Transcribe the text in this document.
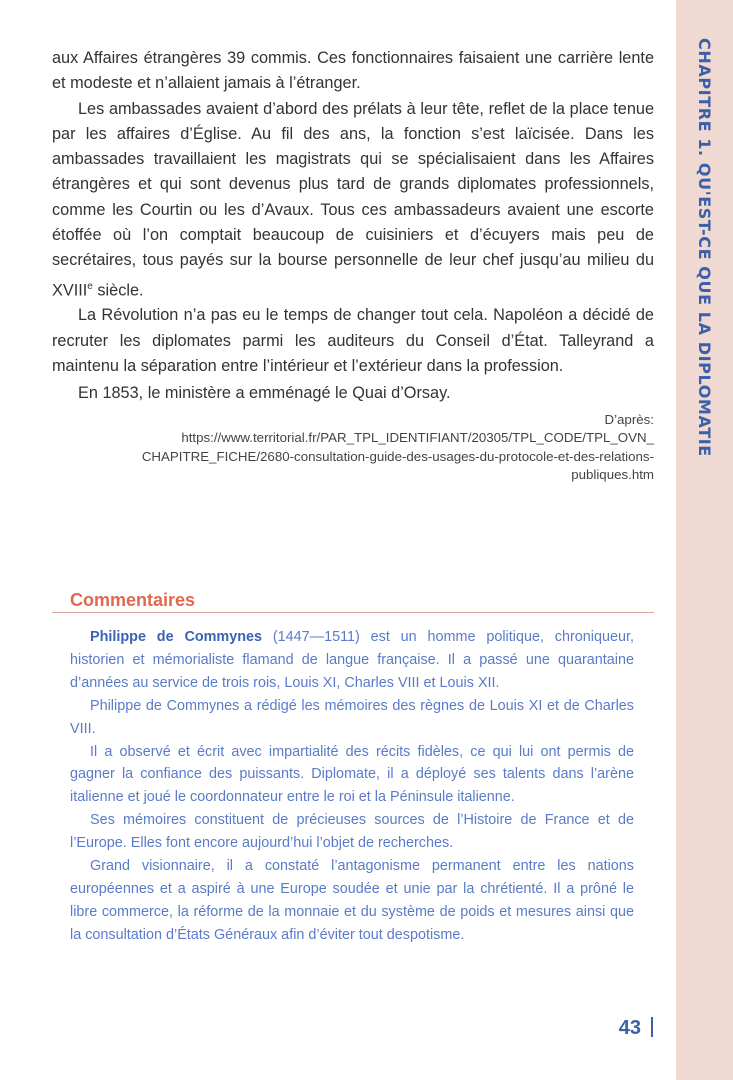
CHAPITRE 1. QU'EST-CE QUE LA DIPLOMATIE

aux Affaires étrangères 39 commis. Ces fonctionnaires faisaient une carrière lente et modeste et n’allaient jamais à l’étranger.

Les ambassades avaient d’abord des prélats à leur tête, reflet de la place tenue par les affaires d’Église. Au fil des ans, la fonction s’est laïcisée. Dans les ambassades travaillaient les magistrats qui se spécialisaient dans les Affaires étrangères et qui sont devenus plus tard de grands diplomates professionnels, comme les Courtin ou les d’Avaux. Tous ces ambassadeurs avaient une escorte étoffée où l’on comptait beaucoup de cuisiniers et d’écuyers mais peu de secrétaires, tous payés sur la bourse personnelle de leur chef jusqu’au milieu du XVIIIe siècle.

La Révolution n’a pas eu le temps de changer tout cela. Napoléon a décidé de recruter les diplomates parmi les auditeurs du Conseil d’État. Talleyrand a maintenu la séparation entre l’intérieur et l’extérieur dans la profession.

En 1853, le ministère a emménagé le Quai d’Orsay.

D’après:
https://www.territorial.fr/PAR_TPL_IDENTIFIANT/20305/TPL_CODE/TPL_OVN_
CHAPITRE_FICHE/2680-consultation-guide-des-usages-du-protocole-et-des-relations-
publiques.htm
Commentaires

Philippe de Commynes (1447—1511) est un homme politique, chroniqueur, historien et mémorialiste flamand de langue française. Il a passé une quarantaine d’années au service de trois rois, Louis XI, Charles VIII et Louis XII.

Philippe de Commynes a rédigé les mémoires des règnes de Louis XI et de Charles VIII.

Il a observé et écrit avec impartialité des récits fidèles, ce qui lui ont permis de gagner la confiance des puissants. Diplomate, il a déployé ses talents dans l’arène italienne et joué le coordonnateur entre le roi et la Péninsule italienne.

Ses mémoires constituent de précieuses sources de l’Histoire de France et de l’Europe. Elles font encore aujourd’hui l’objet de recherches.

Grand visionnaire, il a constaté l’antagonisme permanent entre les nations européennes et a aspiré à une Europe soudée et unie par la chrétienté. Il a prôné le libre commerce, la réforme de la monnaie et du système de poids et mesures ainsi que la consultation d’États Généraux afin d’éviter tout despotisme.

43
